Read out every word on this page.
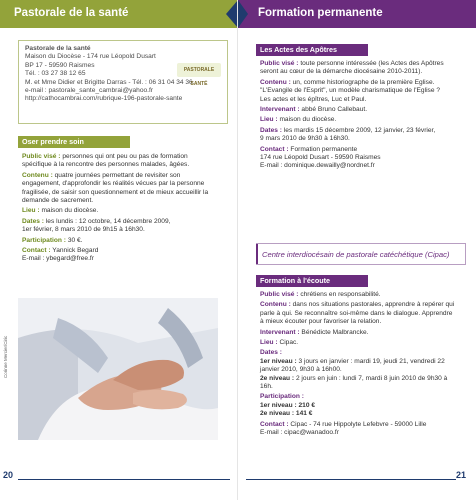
Pastorale de la santé
Pastorale de la santé
Maison du Diocèse - 174 rue Léopold Dusart
BP 17 - 59590 Raismes
Tél. : 03 27 38 12 65
M. et Mme Didier et Brigitte Darras - Tél. : 06 31 04 34 36
e-mail : pastorale_sante_cambrai@yahoo.fr
http://cathocambrai.com/rubrique-196-pastorale-sante
PASTORALE SANTÉ
Oser prendre soin
Public visé : personnes qui ont peu ou pas de formation
spécifique à la rencontre des personnes malades, âgées.
Contenu : quatre journées permettant de revisiter son
engagement, d'approfondir les réalités vécues par la personne
fragilisée, de saisir son questionnement et de mieux accueillir la
demande de sacrement.
Lieu : maison du diocèse.
Dates : les lundis : 12 octobre, 14 décembre 2009,
1er février, 8 mars 2010 de 9h15 à 16h30.
Participation : 30 €.
Contact : Yannick Begard
E-mail : ybegard@free.fr
Corinne Mercier/Ciric
20
Formation permanente
Les Actes des Apôtres
Public visé : toute personne intéressée (les Actes des Apôtres
seront au cœur de la démarche diocésaine 2010-2011).
Contenu : un, comme historiographe de la première Eglise.
"L'Evangile de l'Esprit", un modèle charismatique de l'Eglise ?
Les actes et les épîtres, Luc et Paul.
Intervenant : abbé Bruno Callebaut.
Lieu : maison du diocèse.
Dates : les mardis 15 décembre 2009, 12 janvier, 23 février,
9 mars 2010 de 9h30 à 16h30.
Contact : Formation permanente
174 rue Léopold Dusart - 59590 Raismes
E-mail : dominique.dewailly@nordnet.fr
Centre interdiocésain de pastorale catéchétique (Cipac)
Formation à l'écoute
Public visé : chrétiens en responsabilité.
Contenu : dans nos situations pastorales, apprendre à repérer qui
parle à qui. Se reconnaître soi-même dans le dialogue. Apprendre
à mieux écouter pour favoriser la relation.
Intervenant : Bénédicte Malbrancke.
Lieu : Cipac.
Dates :
1er niveau : 3 jours en janvier : mardi 19, jeudi 21, vendredi 22
janvier 2010, 9h30 à 16h00.
2e niveau : 2 jours en juin : lundi 7, mardi 8 juin 2010 de 9h30 à
16h.
Participation :
1er niveau : 210 €
2e niveau : 141 €
Contact : Cipac - 74 rue Hippolyte Lefebvre - 59000 Lille
E-mail : cipac@wanadoo.fr
21
